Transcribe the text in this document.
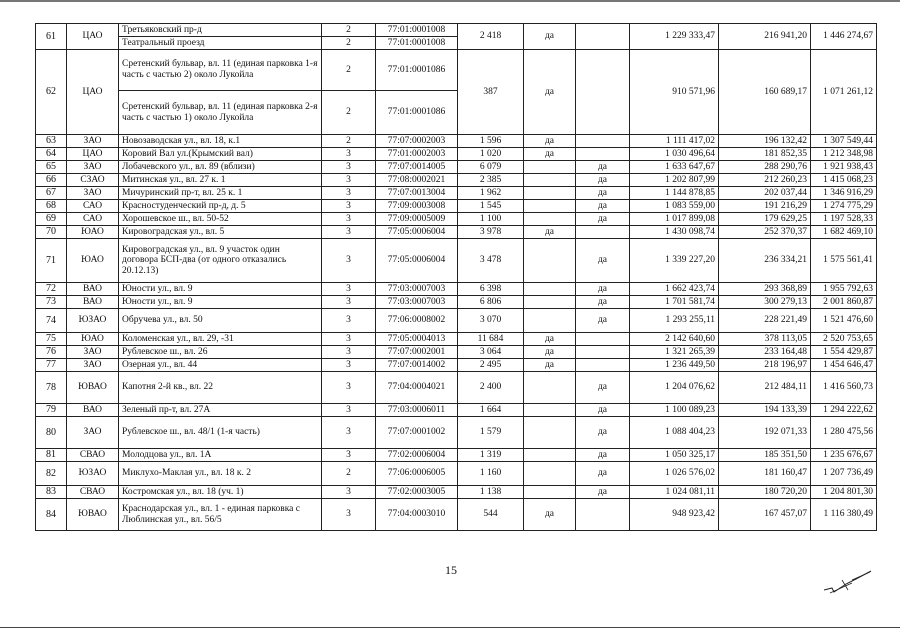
61	ЦАО	Третьяковский пр-д	2	77:01:0001008	2 418	да		1 229 333,47	216 941,20	1 446 274,67
		Театральный проезд	2	77:01:0001008						
62	ЦАО	Сретенский бульвар, вл. 11 (единая парковка 1-я часть с частью 2) около Лукойла	2	77:01:0001086	387	да		910 571,96	160 689,17	1 071 261,12
		Сретенский бульвар, вл. 11 (единая парковка 2-я часть с частью 1) около Лукойла	2	77:01:0001086						
63	ЗАО	Новозаводская ул., вл. 18, к.1	2	77:07:0002003	1 596	да		1 111 417,02	196 132,42	1 307 549,44
64	ЦАО	Коровий Вал ул.(Крымский вал)	3	77:01:0002003	1 020	да		1 030 496,64	181 852,35	1 212 348,98
65	ЗАО	Лобачевского ул., вл. 89 (вблизи)	3	77:07:0014005	6 079		да	1 633 647,67	288 290,76	1 921 938,43
66	СЗАО	Митинская ул., вл. 27 к. 1	3	77:08:0002021	2 385		да	1 202 807,99	212 260,23	1 415 068,23
67	ЗАО	Мичуринский пр-т, вл. 25 к. 1	3	77:07:0013004	1 962		да	1 144 878,85	202 037,44	1 346 916,29
68	САО	Красностуденческий пр-д, д. 5	3	77:09:0003008	1 545		да	1 083 559,00	191 216,29	1 274 775,29
69	САО	Хорошевское ш., вл. 50-52	3	77:09:0005009	1 100		да	1 017 899,08	179 629,25	1 197 528,33
70	ЮАО	Кировоградская ул., вл. 5	3	77:05:0006004	3 978	да		1 430 098,74	252 370,37	1 682 469,10
71	ЮАО	Кировоградская ул., вл. 9 участок один договора БСП-два (от одного отказались 20.12.13)	3	77:05:0006004	3 478		да	1 339 227,20	236 334,21	1 575 561,41
72	ВАО	Юности ул., вл. 9	3	77:03:0007003	6 398		да	1 662 423,74	293 368,89	1 955 792,63
73	ВАО	Юности ул., вл. 9	3	77:03:0007003	6 806		да	1 701 581,74	300 279,13	2 001 860,87
74	ЮЗАО	Обручева ул., вл. 50	3	77:06:0008002	3 070		да	1 293 255,11	228 221,49	1 521 476,60
75	ЮАО	Коломенская ул., вл. 29, -31	3	77:05:0004013	11 684	да		2 142 640,60	378 113,05	2 520 753,65
76	ЗАО	Рублевское ш., вл. 26	3	77:07:0002001	3 064	да		1 321 265,39	233 164,48	1 554 429,87
77	ЗАО	Озерная ул., вл. 44	3	77:07:0014002	2 495	да		1 236 449,50	218 196,97	1 454 646,47
78	ЮВАО	Капотня 2-й кв., вл. 22	3	77:04:0004021	2 400		да	1 204 076,62	212 484,11	1 416 560,73
79	ВАО	Зеленый пр-т, вл. 27А	3	77:03:0006011	1 664		да	1 100 089,23	194 133,39	1 294 222,62
80	ЗАО	Рублевское ш., вл. 48/1 (1-я часть)	3	77:07:0001002	1 579		да	1 088 404,23	192 071,33	1 280 475,56
81	СВАО	Молодцова ул., вл. 1А	3	77:02:0006004	1 319		да	1 050 325,17	185 351,50	1 235 676,67
82	ЮЗАО	Миклухо-Маклая ул., вл. 18 к. 2	2	77:06:0006005	1 160		да	1 026 576,02	181 160,47	1 207 736,49
83	СВАО	Костромская ул., вл. 18 (уч. 1)	3	77:02:0003005	1 138		да	1 024 081,11	180 720,20	1 204 801,30
84	ЮВАО	Краснодарская ул., вл. 1 - единая парковка с Люблинская ул., вл. 56/5	3	77:04:0003010	544	да		948 923,42	167 457,07	1 116 380,49
15
